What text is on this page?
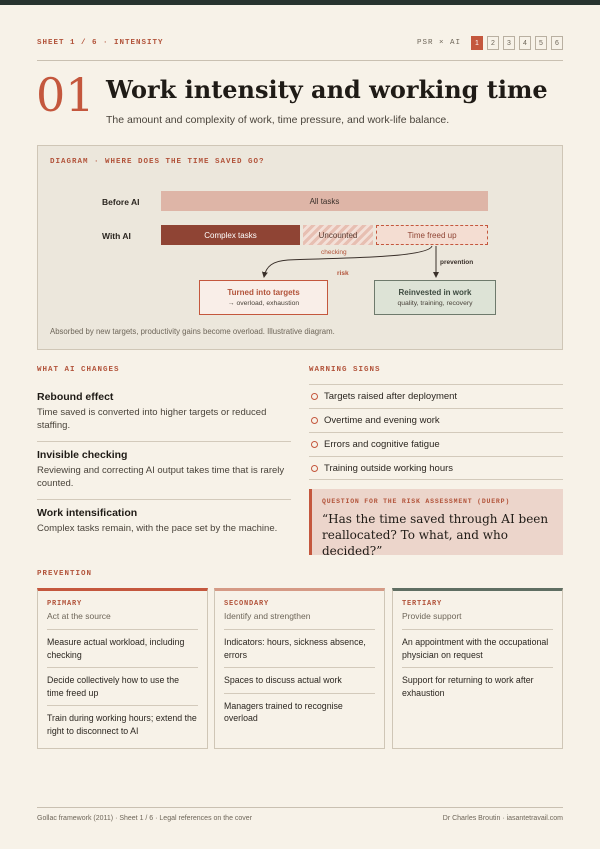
SHEET 1 / 6 · INTENSITY	PSR × AI	1	2	3	4	5	6
01 Work intensity and working time
The amount and complexity of work, time pressure, and work-life balance.
DIAGRAM · WHERE DOES THE TIME SAVED GO?
Before AI
With AI
All tasks
Complex tasks	Uncounted	Time freed up
checking
risk
prevention
Turned into targets
→ overload, exhaustion
Reinvested in work
quality, training, recovery
Absorbed by new targets, productivity gains become overload. Illustrative diagram.
WHAT AI CHANGES
Rebound effect
Time saved is converted into higher targets or reduced staffing.
Invisible checking
Reviewing and correcting AI output takes time that is rarely counted.
Work intensification
Complex tasks remain, with the pace set by the machine.
WARNING SIGNS
Targets raised after deployment
Overtime and evening work
Errors and cognitive fatigue
Training outside working hours
QUESTION FOR THE RISK ASSESSMENT (DUERP)
“Has the time saved through AI been reallocated? To what, and who decided?”
PREVENTION
PRIMARY
Act at the source
Measure actual workload, including checking
Decide collectively how to use the time freed up
Train during working hours; extend the right to disconnect to AI
SECONDARY
Identify and strengthen
Indicators: hours, sickness absence, errors
Spaces to discuss actual work
Managers trained to recognise overload
TERTIARY
Provide support
An appointment with the occupational physician on request
Support for returning to work after exhaustion
Gollac framework (2011) · Sheet 1 / 6 · Legal references on the cover	Dr Charles Broutin · iasantetravail.com
